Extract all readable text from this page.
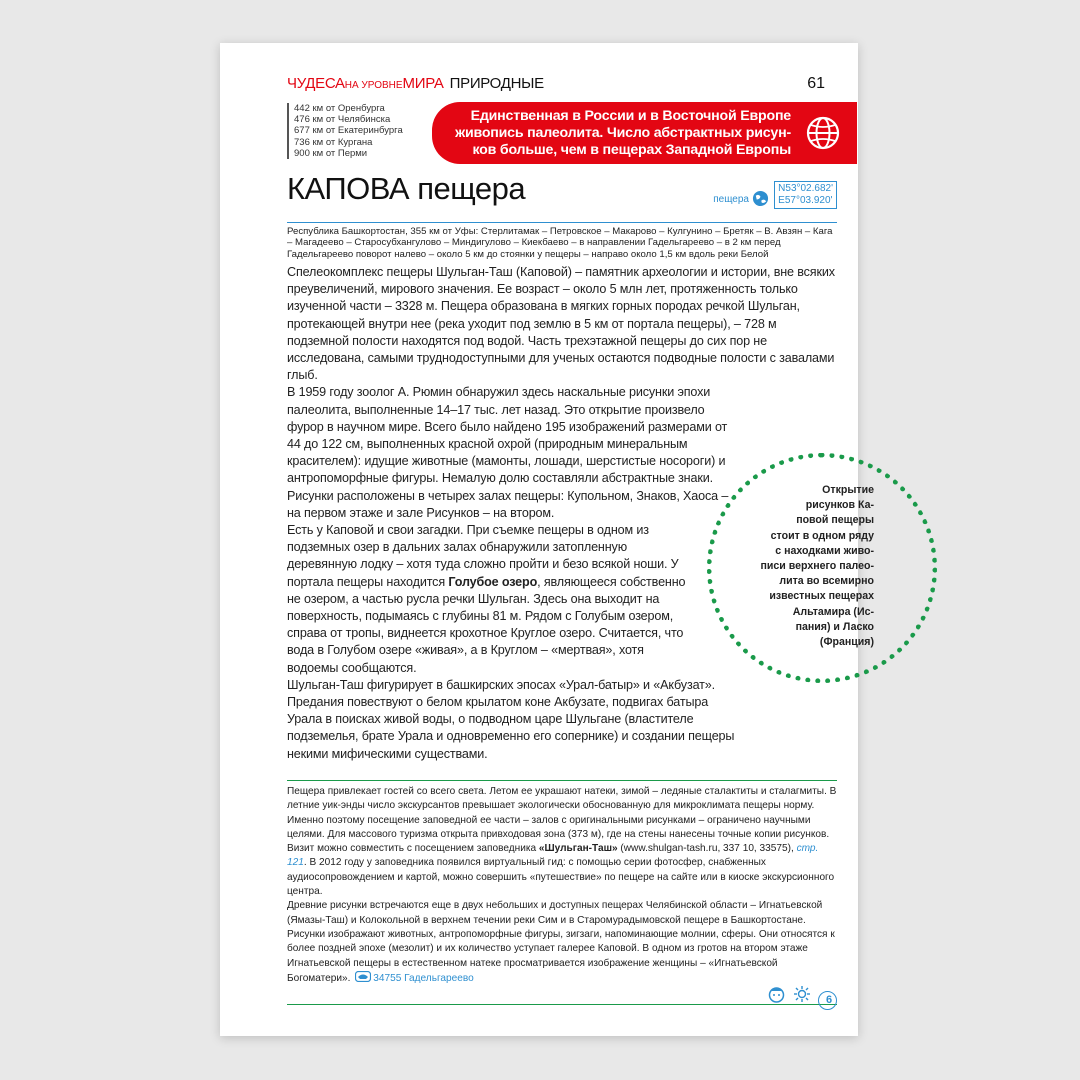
ЧУДЕСАНА УРОВНЕМИРА ПРИРОДНЫЕ	61
442 км от Оренбурга
476 км от Челябинска
677 км от Екатеринбурга
736 км от Кургана
900 км от Перми
Единственная в России и в Восточной Европе
живопись палеолита. Число абстрактных рисун-
ков больше, чем в пещерах Западной Европы
КАПОВА пещера	пещера
N53°02.682'
E57°03.920'
Республика Башкортостан, 355 км от Уфы: Стерлитамак – Петровское – Макарово – Кулгунино – Бретяк – В. Авзян – Кага – Магадеево – Старосубхангулово – Миндигулово – Киекбаево – в направлении Гадельгареево – в 2 км перед Гадельгареево поворот налево – около 5 км до стоянки у пещеры – направо около 1,5 км вдоль реки Белой

Спелеокомплекс пещеры Шульган-Таш (Каповой) – памятник археологии и истории, вне всяких преувеличений, мирового значения. Ее возраст – около 5 млн лет, протяженность только изученной части – 3328 м. Пещера образована в мягких горных породах речкой Шульган, протекающей внутри нее (река уходит под землю в 5 км от портала пещеры), – 728 м подземной полости находятся под водой. Часть трехэтажной пещеры до сих пор не исследована, самыми труднодоступными для ученых остаются подводные полости с завалами глыб.

В 1959 году зоолог А. Рюмин обнаружил здесь наскальные рисунки эпохи палеолита, выполненные 14–17 тыс. лет назад. Это открытие произвело фурор в научном мире. Всего было найдено 195 изображений размерами от 44 до 122 см, выполненных красной охрой (природным минеральным красителем): идущие животные (мамонты, лошади, шерстистые носороги) и антропоморфные фигуры. Немалую долю составляли абстрактные знаки. Рисунки расположены в четырех залах пещеры: Купольном, Знаков, Хаоса – на первом этаже и зале Рисунков – на втором.

Есть у Каповой и свои загадки. При съемке пещеры в одном из подземных озер в дальних залах обнаружили затопленную деревянную лодку – хотя туда сложно пройти и безо всякой ноши. У портала пещеры находится Голубое озеро, являющееся собственно не озером, а частью русла речки Шульган. Здесь она выходит на поверхность, подымаясь с глубины 81 м. Рядом с Голубым озером, справа от тропы, виднеется крохотное Круглое озеро. Считается, что вода в Голубом озере «живая», а в Круглом – «мертвая», хотя водоемы сообщаются.

Шульган-Таш фигурирует в башкирских эпосах «Урал-батыр» и «Акбузат». Предания повествуют о белом крылатом коне Акбузате, подвигах батыра Урала в поисках живой воды, о подводном царе Шульгане (властителе подземелья, брате Урала и одновременно его сопернике) и создании пещеры некими мифическими существами.

Открытие
рисунков Ка-
повой пещеры
стоит в одном ряду
с находками живо-
писи верхнего палео-
лита во всемирно
известных пещерах
Альтамира (Ис-
пания) и Ласко
(Франция)

Пещера привлекает гостей со всего света. Летом ее украшают натеки, зимой – ледяные сталактиты и сталагмиты. В летние уик-энды число экскурсантов превышает экологически обоснованную для микроклимата пещеры норму. Именно поэтому посещение заповедной ее части – залов с оригинальными рисунками – ограничено научными целями. Для массового туризма открыта привходовая зона (373 м), где на стены нанесены точные копии рисунков. Визит можно совместить с посещением заповедника «Шульган-Таш» (www.shulgan-tash.ru, 337 10, 33575), стр. 121. В 2012 году у заповедника появился виртуальный гид: с помощью серии фотосфер, снабженных аудиосопровождением и картой, можно совершить «путешествие» по пещере на сайте или в киоске экскурсионного центра.

Древние рисунки встречаются еще в двух небольших и доступных пещерах Челябинской области – Игнатьевской (Ямазы-Таш) и Колокольной в верхнем течении реки Сим и в Старомурадымовской пещере в Башкортостане. Рисунки изображают животных, антропоморфные фигуры, зигзаги, напоминающие молнии, сферы. Они относятся к более поздней эпохе (мезолит) и их количество уступает галерее Каповой. В одном из гротов на втором этаже Игнатьевской пещеры в естественном натеке просматривается изображение женщины – «Игнатьевской Богоматери». 34755 Гадельгареево

6
